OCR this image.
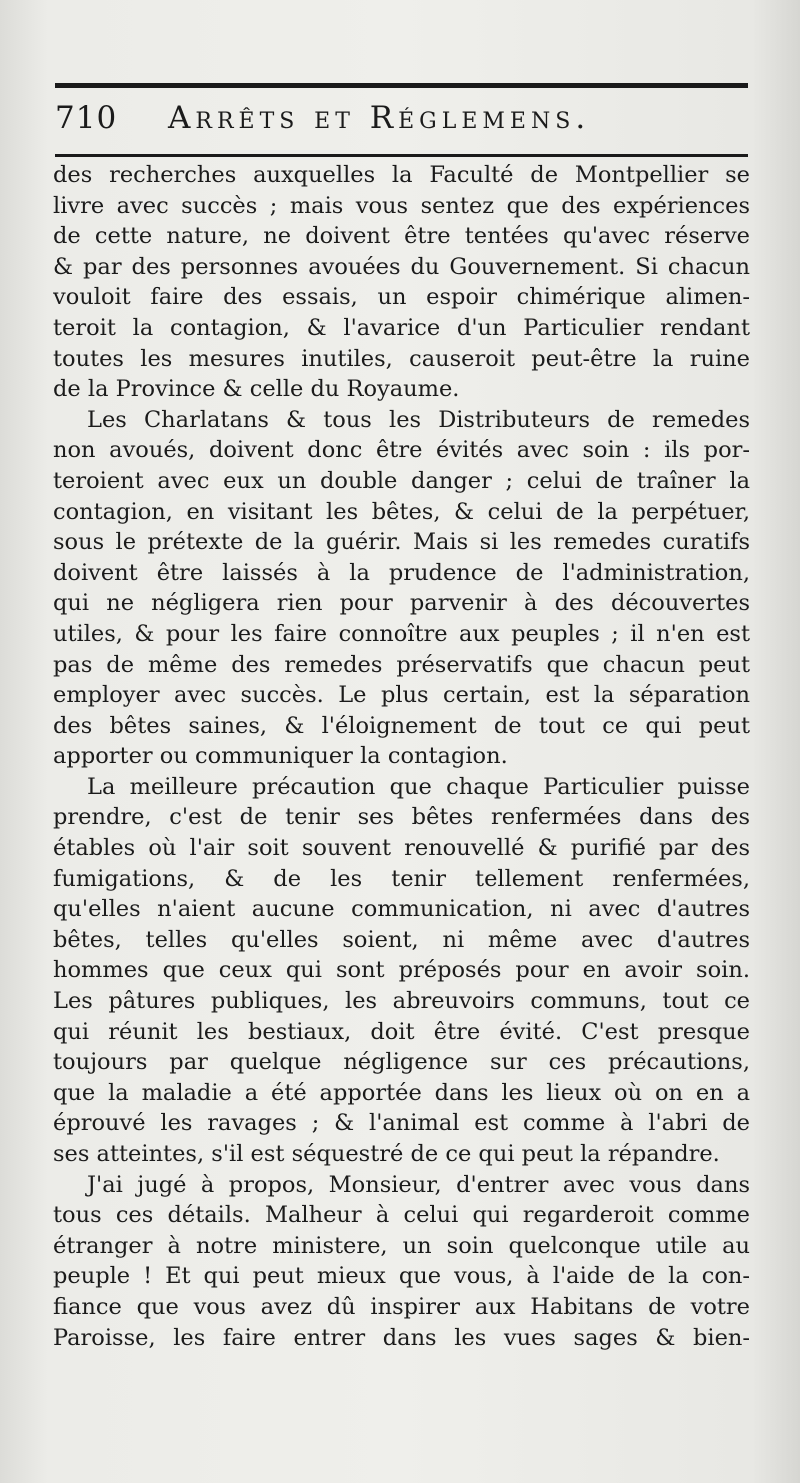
710 Arrêts et Réglemens.
des recherches auxquelles la Faculté de Montpellier se
livre avec succès ; mais vous sentez que des expériences
de cette nature, ne doivent être tentées qu'avec réserve
& par des personnes avouées du Gouvernement. Si chacun
vouloit faire des essais, un espoir chimérique alimen-
teroit la contagion, & l'avarice d'un Particulier rendant
toutes les mesures inutiles, causeroit peut-être la ruine
de la Province & celle du Royaume.
Les Charlatans & tous les Distributeurs de remedes
non avoués, doivent donc être évités avec soin : ils por-
teroient avec eux un double danger ; celui de traîner la
contagion, en visitant les bêtes, & celui de la perpétuer,
sous le prétexte de la guérir. Mais si les remedes curatifs
doivent être laissés à la prudence de l'administration,
qui ne négligera rien pour parvenir à des découvertes
utiles, & pour les faire connoître aux peuples ; il n'en est
pas de même des remedes préservatifs que chacun peut
employer avec succès. Le plus certain, est la séparation
des bêtes saines, & l'éloignement de tout ce qui peut
apporter ou communiquer la contagion.
La meilleure précaution que chaque Particulier puisse
prendre, c'est de tenir ses bêtes renfermées dans des
étables où l'air soit souvent renouvellé & purifié par des
fumigations, & de les tenir tellement renfermées,
qu'elles n'aient aucune communication, ni avec d'autres
bêtes, telles qu'elles soient, ni même avec d'autres
hommes que ceux qui sont préposés pour en avoir soin.
Les pâtures publiques, les abreuvoirs communs, tout ce
qui réunit les bestiaux, doit être évité. C'est presque
toujours par quelque négligence sur ces précautions,
que la maladie a été apportée dans les lieux où on en a
éprouvé les ravages ; & l'animal est comme à l'abri de
ses atteintes, s'il est séquestré de ce qui peut la répandre.
J'ai jugé à propos, Monsieur, d'entrer avec vous dans
tous ces détails. Malheur à celui qui regarderoit comme
étranger à notre ministere, un soin quelconque utile au
peuple ! Et qui peut mieux que vous, à l'aide de la con-
fiance que vous avez dû inspirer aux Habitans de votre
Paroisse, les faire entrer dans les vues sages & bien-
